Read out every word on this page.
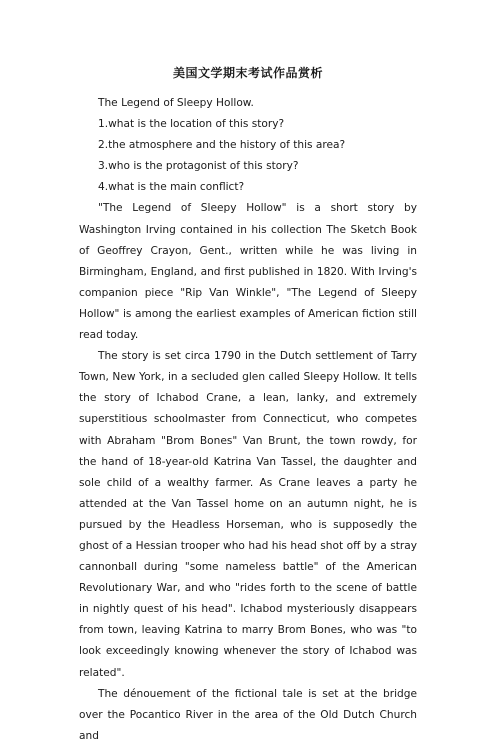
美国文学期末考试作品赏析

The Legend of Sleepy Hollow.

1.what is the location of this story?

2.the atmosphere and the history of this area?

3.who is the protagonist of this story?

4.what is the main conflict?

"The Legend of Sleepy Hollow" is a short story by Washington Irving contained in his collection The Sketch Book of Geoffrey Crayon, Gent., written while he was living in Birmingham, England, and first published in 1820. With Irving's companion piece "Rip Van Winkle", "The Legend of Sleepy Hollow" is among the earliest examples of American fiction still read today.

The story is set circa 1790 in the Dutch settlement of Tarry Town, New York, in a secluded glen called Sleepy Hollow. It tells the story of Ichabod Crane, a lean, lanky, and extremely superstitious schoolmaster from Connecticut, who competes with Abraham "Brom Bones" Van Brunt, the town rowdy, for the hand of 18-year-old Katrina Van Tassel, the daughter and sole child of a wealthy farmer. As Crane leaves a party he attended at the Van Tassel home on an autumn night, he is pursued by the Headless Horseman, who is supposedly the ghost of a Hessian trooper who had his head shot off by a stray cannonball during "some nameless battle" of the American Revolutionary War, and who "rides forth to the scene of battle in nightly quest of his head". Ichabod mysteriously disappears from town, leaving Katrina to marry Brom Bones, who was "to look exceedingly knowing whenever the story of Ichabod was related".

The dénouement of the fictional tale is set at the bridge over the Pocantico River in the area of the Old Dutch Church and
